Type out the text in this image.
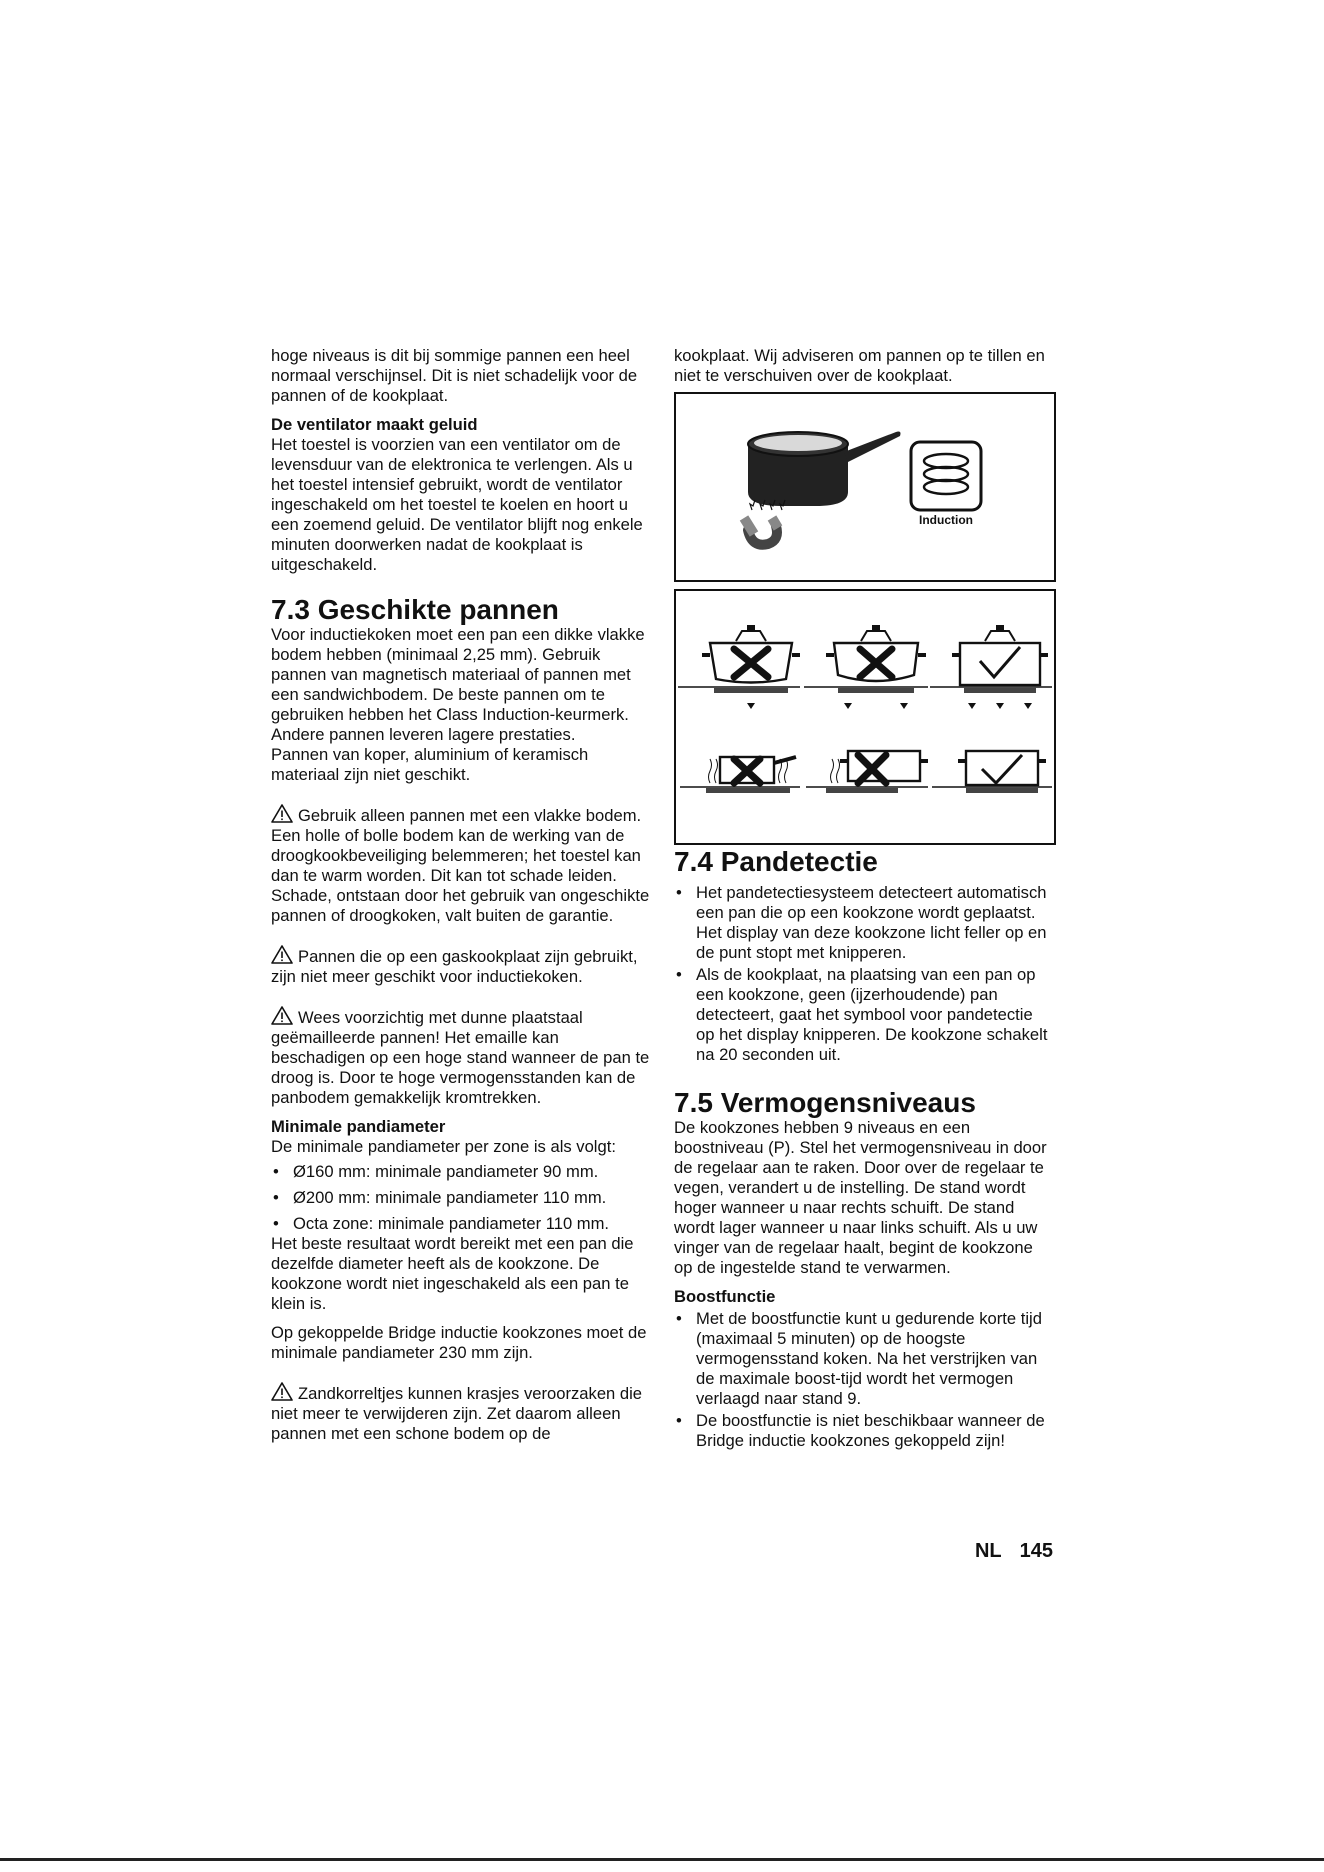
hoge niveaus is dit bij sommige pannen een heel normaal verschijnsel. Dit is niet schadelijk voor de pannen of de kookplaat.

De ventilator maakt geluid

Het toestel is voorzien van een ventilator om de levensduur van de elektronica te verlengen. Als u het toestel intensief gebruikt, wordt de ventilator ingeschakeld om het toestel te koelen en hoort u een zoemend geluid. De ventilator blijft nog enkele minuten doorwerken nadat de kookplaat is uitgeschakeld.

7.3 Geschikte pannen

Voor inductiekoken moet een pan een dikke vlakke bodem hebben (minimaal 2,25 mm). Gebruik pannen van magnetisch materiaal of pannen met een sandwichbodem. De beste pannen om te gebruiken hebben het Class Induction-keurmerk. Andere pannen leveren lagere prestaties.

Pannen van koper, aluminium of keramisch materiaal zijn niet geschikt.

Gebruik alleen pannen met een vlakke bodem. Een holle of bolle bodem kan de werking van de droogkookbeveiliging belemmeren; het toestel kan dan te warm worden. Dit kan tot schade leiden. Schade, ontstaan door het gebruik van ongeschikte pannen of droogkoken, valt buiten de garantie.

Pannen die op een gaskookplaat zijn gebruikt, zijn niet meer geschikt voor inductiekoken.

Wees voorzichtig met dunne plaatstaal geëmailleerde pannen! Het emaille kan beschadigen op een hoge stand wanneer de pan te droog is. Door te hoge vermogensstanden kan de panbodem gemakkelijk kromtrekken.

Minimale pandiameter

De minimale pandiameter per zone is als volgt:

• Ø160 mm: minimale pandiameter 90 mm.
• Ø200 mm: minimale pandiameter 110 mm.
• Octa zone: minimale pandiameter 110 mm.

Het beste resultaat wordt bereikt met een pan die dezelfde diameter heeft als de kookzone. De kookzone wordt niet ingeschakeld als een pan te klein is.

Op gekoppelde Bridge inductie kookzones moet de minimale pandiameter 230 mm zijn.

Zandkorreltjes kunnen krasjes veroorzaken die niet meer te verwijderen zijn. Zet daarom alleen pannen met een schone bodem op de

kookplaat. Wij adviseren om pannen op te tillen en niet te verschuiven over de kookplaat.

Induction
7.4 Pandetectie
• Het pandetectiesysteem detecteert automatisch een pan die op een kookzone wordt geplaatst. Het display van deze kookzone licht feller op en de punt stopt met knipperen.
• Als de kookplaat, na plaatsing van een pan op een kookzone, geen (ijzerhoudende) pan detecteert, gaat het symbool voor pandetectie op het display knipperen. De kookzone schakelt na 20 seconden uit.
7.5 Vermogensniveaus

De kookzones hebben 9 niveaus en een boostniveau (P). Stel het vermogensniveau in door de regelaar aan te raken. Door over de regelaar te vegen, verandert u de instelling. De stand wordt hoger wanneer u naar rechts schuift. De stand wordt lager wanneer u naar links schuift. Als u uw vinger van de regelaar haalt, begint de kookzone op de ingestelde stand te verwarmen.

Boostfunctie

• Met de boostfunctie kunt u gedurende korte tijd (maximaal 5 minuten) op de hoogste vermogensstand koken. Na het verstrijken van de maximale boost-tijd wordt het vermogen verlaagd naar stand 9.
• De boostfunctie is niet beschikbaar wanneer de Bridge inductie kookzones gekoppeld zijn!
NL 145
